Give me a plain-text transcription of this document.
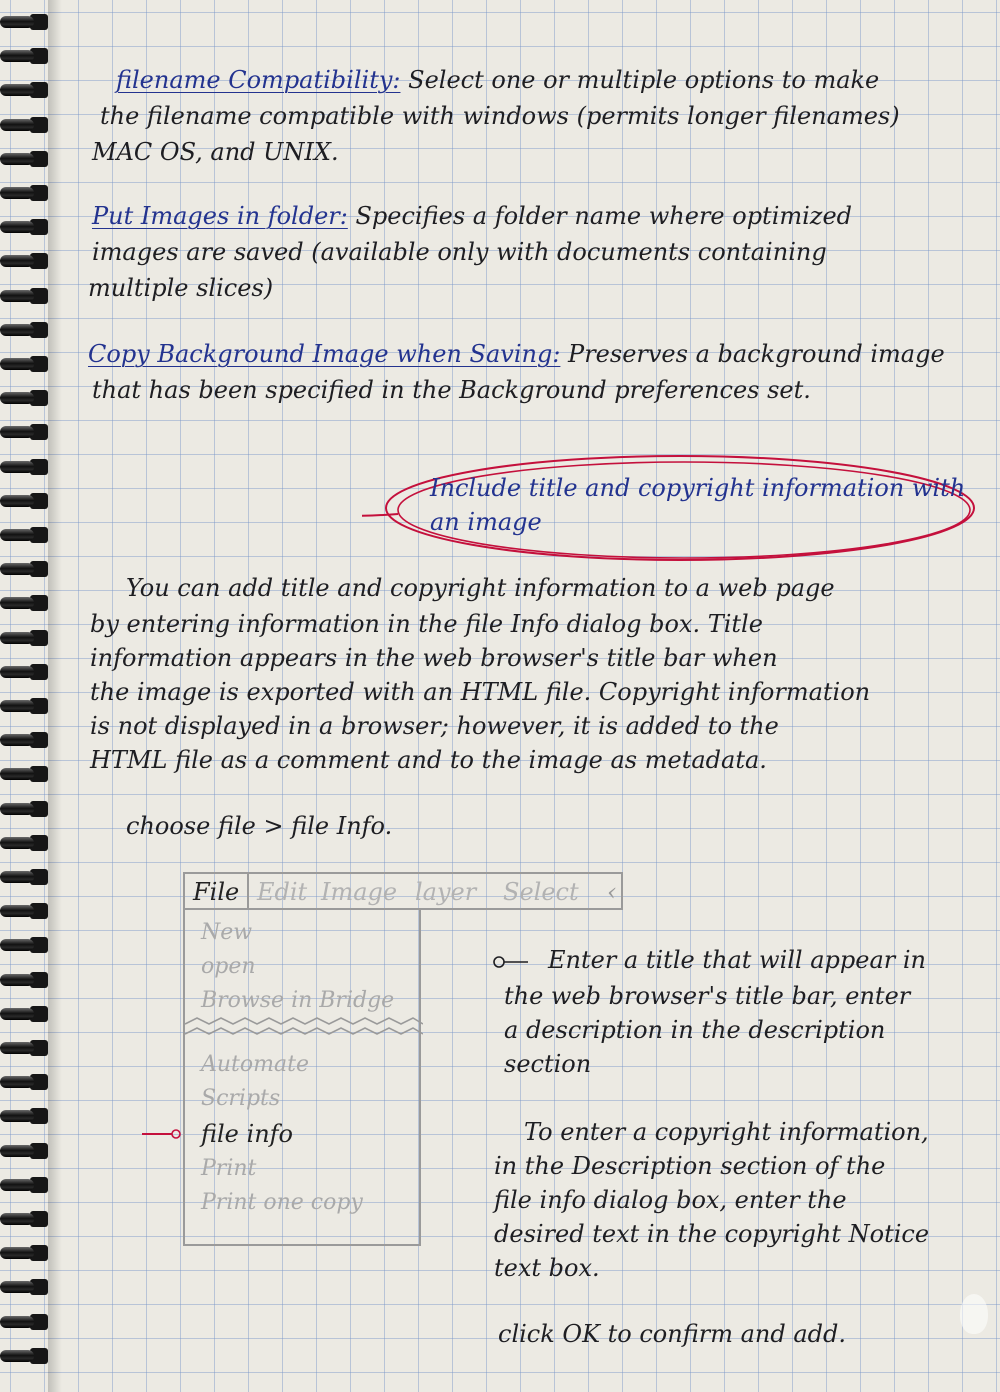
filename Compatibility: Select one or multiple options to make
the filename compatible with windows (permits longer filenames)
MAC OS, and UNIX.
Put Images in folder: Specifies a folder name where optimized
images are saved (available only with documents containing
multiple slices)
Copy Background Image when Saving: Preserves a background image
that has been specified in the Background preferences set.
Include title and copyright information with
an image
You can add title and copyright information to a web page
by entering information in the file Info dialog box. Title
information appears in the web browser's title bar when
the image is exported with an HTML file. Copyright information
is not displayed in a browser; however, it is added to the
HTML file as a comment and to the image as metadata.
choose file > file Info.
File Edit Image layer Select ‹
New
open
Browse in Bridge
Automate
Scripts
file info
Print
Print one copy
Enter a title that will appear in
the web browser's title bar, enter
a description in the description
section
To enter a copyright information,
in the Description section of the
file info dialog box, enter the
desired text in the copyright Notice
text box.
click OK to confirm and add.
